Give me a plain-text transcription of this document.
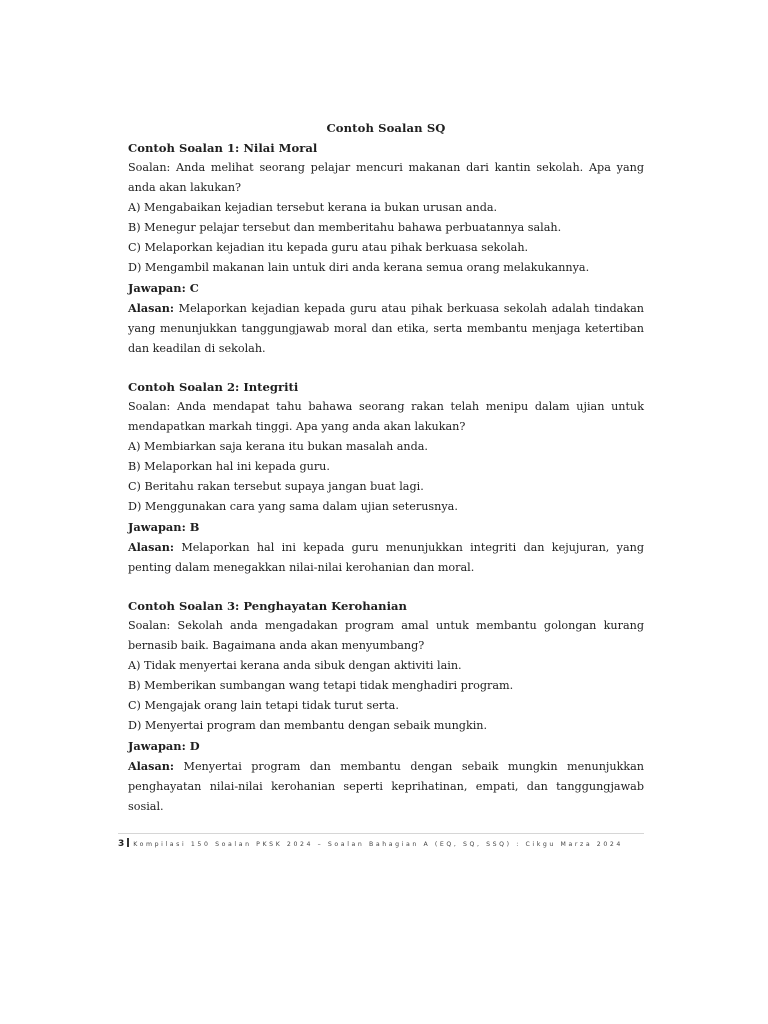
Contoh Soalan SQ

Contoh Soalan 1: Nilai Moral

Soalan: Anda melihat seorang pelajar mencuri makanan dari kantin sekolah. Apa yang anda akan lakukan?

A) Mengabaikan kejadian tersebut kerana ia bukan urusan anda.

B) Menegur pelajar tersebut dan memberitahu bahawa perbuatannya salah.

C) Melaporkan kejadian itu kepada guru atau pihak berkuasa sekolah.

D) Mengambil makanan lain untuk diri anda kerana semua orang melakukannya.

Jawapan: C

Alasan: Melaporkan kejadian kepada guru atau pihak berkuasa sekolah adalah tindakan yang menunjukkan tanggungjawab moral dan etika, serta membantu menjaga ketertiban dan keadilan di sekolah.

Contoh Soalan 2: Integriti

Soalan: Anda mendapat tahu bahawa seorang rakan telah menipu dalam ujian untuk mendapatkan markah tinggi. Apa yang anda akan lakukan?

A) Membiarkan saja kerana itu bukan masalah anda.

B) Melaporkan hal ini kepada guru.

C) Beritahu rakan tersebut supaya jangan buat lagi.

D) Menggunakan cara yang sama dalam ujian seterusnya.

Jawapan: B

Alasan: Melaporkan hal ini kepada guru menunjukkan integriti dan kejujuran, yang penting dalam menegakkan nilai-nilai kerohanian dan moral.

Contoh Soalan 3: Penghayatan Kerohanian

Soalan: Sekolah anda mengadakan program amal untuk membantu golongan kurang bernasib baik. Bagaimana anda akan menyumbang?

A) Tidak menyertai kerana anda sibuk dengan aktiviti lain.

B) Memberikan sumbangan wang tetapi tidak menghadiri program.

C) Mengajak orang lain tetapi tidak turut serta.

D) Menyertai program dan membantu dengan sebaik mungkin.

Jawapan: D

Alasan: Menyertai program dan membantu dengan sebaik mungkin menunjukkan penghayatan nilai-nilai kerohanian seperti keprihatinan, empati, dan tanggungjawab sosial.

3 Kompilasi 150 Soalan PKSK 2024 – Soalan Bahagian A (EQ, SQ, SSQ) : Cikgu Marza 2024
